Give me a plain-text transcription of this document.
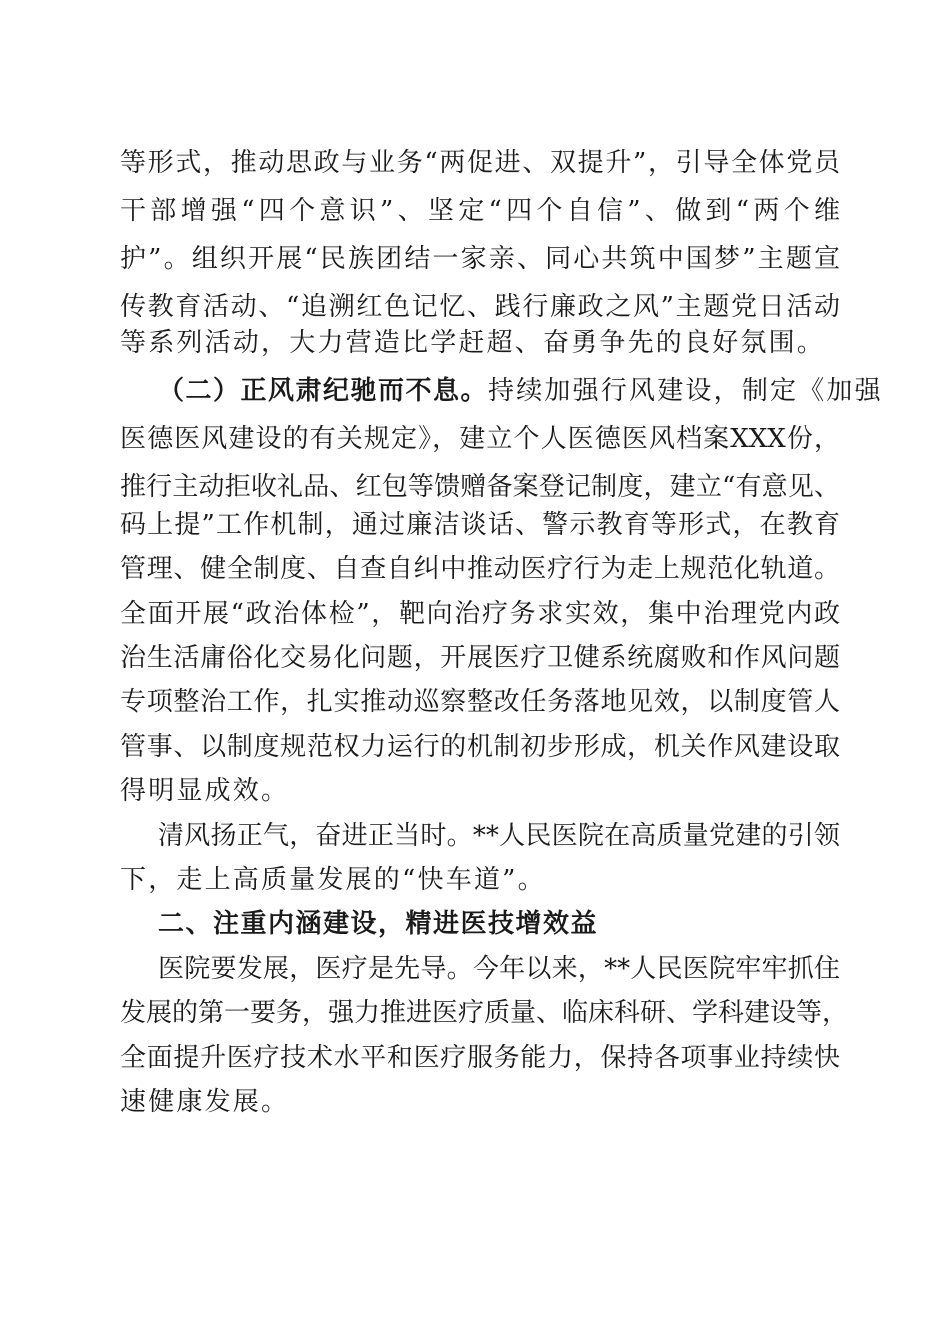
等形式，推动思政与业务“两促进、双提升”，引导全体党员
干部增强“四个意识”、坚定“四个自信”、做到“两个维
护”。组织开展“民族团结一家亲、同心共筑中国梦”主题宣
传教育活动、“追溯红色记忆、践行廉政之风”主题党日活动
等系列活动，大力营造比学赶超、奋勇争先的良好氛围。
（二）正风肃纪驰而不息。持续加强行风建设，制定《加强
医德医风建设的有关规定》，建立个人医德医风档案XXX份，
推行主动拒收礼品、红包等馈赠备案登记制度，建立“有意见、
码上提”工作机制，通过廉洁谈话、警示教育等形式，在教育
管理、健全制度、自查自纠中推动医疗行为走上规范化轨道。
全面开展“政治体检”，靶向治疗务求实效，集中治理党内政
治生活庸俗化交易化问题，开展医疗卫健系统腐败和作风问题
专项整治工作，扎实推动巡察整改任务落地见效，以制度管人
管事、以制度规范权力运行的机制初步形成，机关作风建设取
得明显成效。
清风扬正气，奋进正当时。**人民医院在高质量党建的引领
下，走上高质量发展的“快车道”。
二、注重内涵建设，精进医技增效益
医院要发展，医疗是先导。今年以来，**人民医院牢牢抓住
发展的第一要务，强力推进医疗质量、临床科研、学科建设等，
全面提升医疗技术水平和医疗服务能力，保持各项事业持续快
速健康发展。
